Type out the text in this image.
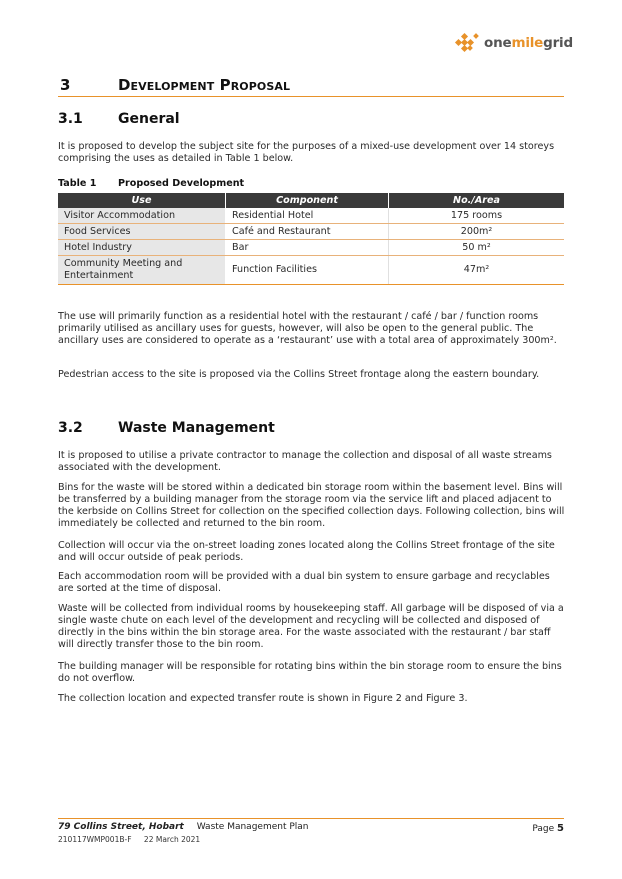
onemilegrid
3	Development Proposal
3.1	General

It is proposed to develop the subject site for the purposes of a mixed-use development over 14 storeys comprising the uses as detailed in Table 1 below.

Table 1 Proposed Development
Use	Component	No./Area
Visitor Accommodation	Residential Hotel	175 rooms
Food Services	Café and Restaurant	200m²
Hotel Industry	Bar	50 m²
Community Meeting and Entertainment	Function Facilities	47m²

The use will primarily function as a residential hotel with the restaurant / café / bar / function rooms primarily utilised as ancillary uses for guests, however, will also be open to the general public. The ancillary uses are considered to operate as a ‘restaurant’ use with a total area of approximately 300m².

Pedestrian access to the site is proposed via the Collins Street frontage along the eastern boundary.

3.2	Waste Management

It is proposed to utilise a private contractor to manage the collection and disposal of all waste streams associated with the development.

Bins for the waste will be stored within a dedicated bin storage room within the basement level. Bins will be transferred by a building manager from the storage room via the service lift and placed adjacent to the kerbside on Collins Street for collection on the specified collection days. Following collection, bins will immediately be collected and returned to the bin room.

Collection will occur via the on-street loading zones located along the Collins Street frontage of the site and will occur outside of peak periods.

Each accommodation room will be provided with a dual bin system to ensure garbage and recyclables are sorted at the time of disposal.

Waste will be collected from individual rooms by housekeeping staff. All garbage will be disposed of via a single waste chute on each level of the development and recycling will be collected and disposed of directly in the bins within the bin storage area. For the waste associated with the restaurant / bar staff will directly transfer those to the bin room.

The building manager will be responsible for rotating bins within the bin storage room to ensure the bins do not overflow.

The collection location and expected transfer route is shown in Figure 2 and Figure 3.

79 Collins Street, Hobart Waste Management Plan
210117WMP001B-F 22 March 2021
Page 5
